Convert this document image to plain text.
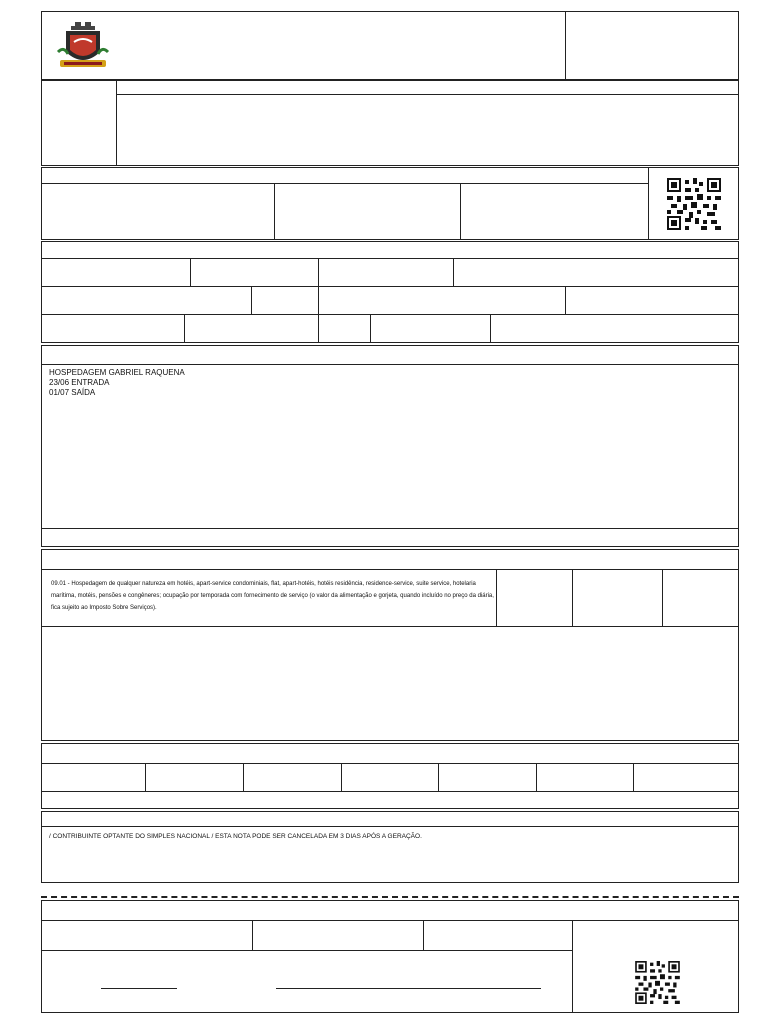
HOSPEDAGEM GABRIEL RAQUENA
23/06 ENTRADA
01/07 SAÍDA
09.01 - Hospedagem de qualquer natureza em hotéis, apart-service condominiais, flat, apart-hotéis, hotéis residência, residence-service, suite service, hotelaria marítima, motéis, pensões e congêneres; ocupação por temporada com fornecimento de serviço (o valor da alimentação e gorjeta, quando incluído no preço da diária, fica sujeito ao Imposto Sobre Serviços).
/ CONTRIBUINTE OPTANTE DO SIMPLES NACIONAL / ESTA NOTA PODE SER CANCELADA EM 3 DIAS APÓS A GERAÇÃO.
